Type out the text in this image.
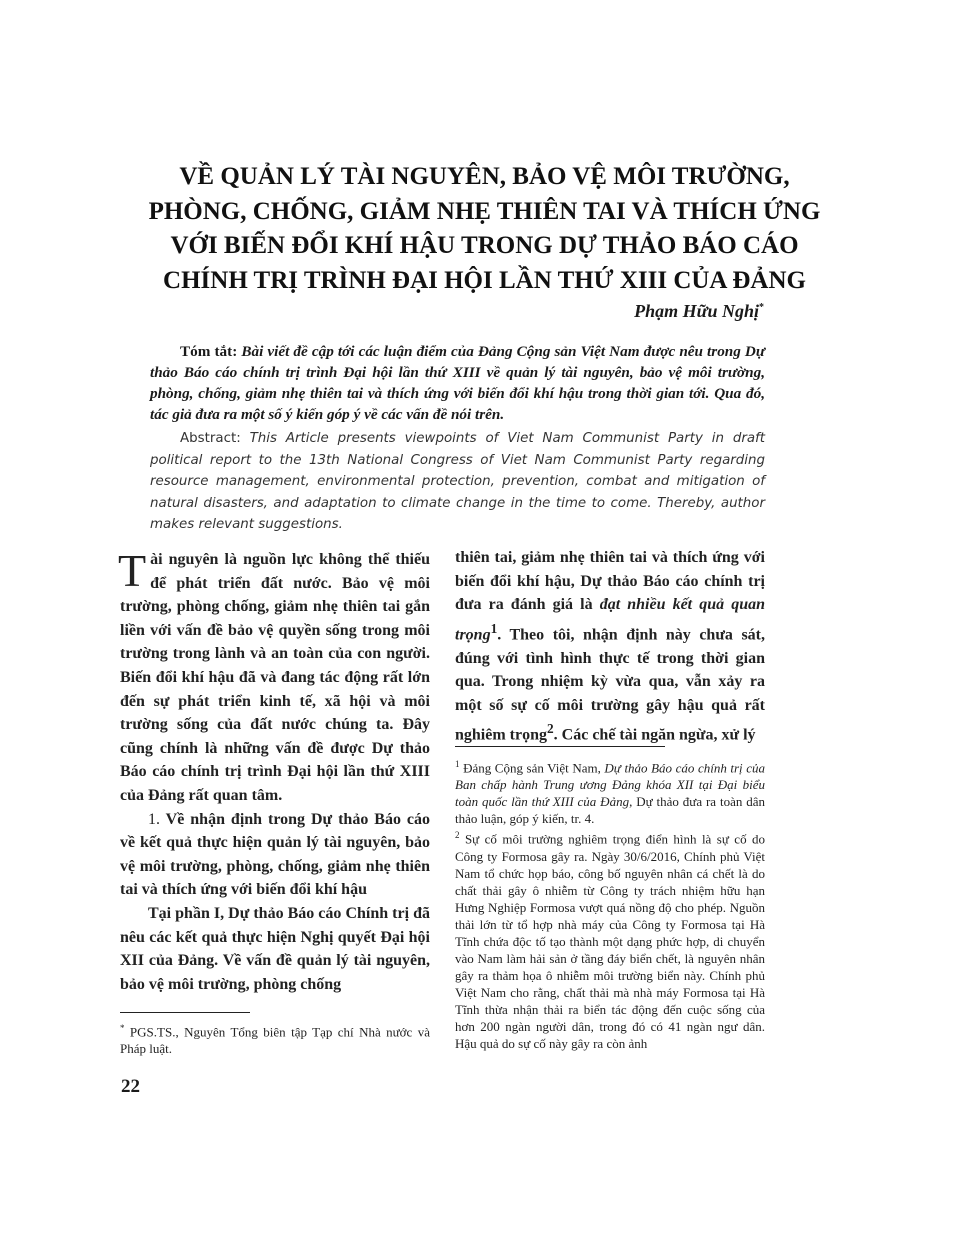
VỀ QUẢN LÝ TÀI NGUYÊN, BẢO VỆ MÔI TRƯỜNG,
PHÒNG, CHỐNG, GIẢM NHẸ THIÊN TAI VÀ THÍCH ỨNG
VỚI BIẾN ĐỔI KHÍ HẬU TRONG DỰ THẢO BÁO CÁO
CHÍNH TRỊ TRÌNH ĐẠI HỘI LẦN THỨ XIII CỦA ĐẢNG
Phạm Hữu Nghị*
Tóm tắt: Bài viết đề cập tới các luận điểm của Đảng Cộng sản Việt Nam được nêu trong Dự thảo Báo cáo chính trị trình Đại hội lần thứ XIII về quản lý tài nguyên, bảo vệ môi trường, phòng, chống, giảm nhẹ thiên tai và thích ứng với biến đổi khí hậu trong thời gian tới. Qua đó, tác giả đưa ra một số ý kiến góp ý về các vấn đề nói trên.
Abstract: This Article presents viewpoints of Viet Nam Communist Party in draft political report to the 13th National Congress of Viet Nam Communist Party regarding resource management, environmental protection, prevention, combat and mitigation of natural disasters, and adaptation to climate change in the time to come. Thereby, author makes relevant suggestions.

Tài nguyên là nguồn lực không thể thiếu để phát triển đất nước. Bảo vệ môi trường, phòng chống, giảm nhẹ thiên tai gắn liền với vấn đề bảo vệ quyền sống trong môi trường trong lành và an toàn của con người. Biến đổi khí hậu đã và đang tác động rất lớn đến sự phát triển kinh tế, xã hội và môi trường sống của đất nước chúng ta. Đây cũng chính là những vấn đề được Dự thảo Báo cáo chính trị trình Đại hội lần thứ XIII của Đảng rất quan tâm.

1. Về nhận định trong Dự thảo Báo cáo về kết quả thực hiện quản lý tài nguyên, bảo vệ môi trường, phòng, chống, giảm nhẹ thiên tai và thích ứng với biến đổi khí hậu

Tại phần I, Dự thảo Báo cáo Chính trị đã nêu các kết quả thực hiện Nghị quyết Đại hội XII của Đảng. Về vấn đề quản lý tài nguyên, bảo vệ môi trường, phòng chống

thiên tai, giảm nhẹ thiên tai và thích ứng với biến đổi khí hậu, Dự thảo Báo cáo chính trị đưa ra đánh giá là đạt nhiều kết quả quan trọng$^1$. Theo tôi, nhận định này chưa sát, đúng với tình hình thực tế trong thời gian qua. Trong nhiệm kỳ vừa qua, vẫn xảy ra một số sự cố môi trường gây hậu quả rất nghiêm trọng$^2$. Các chế tài ngăn ngừa, xử lý

$^1$ Đảng Cộng sản Việt Nam, Dự thảo Báo cáo chính trị của Ban chấp hành Trung ương Đảng khóa XII tại Đại biểu toàn quốc lần thứ XIII của Đảng, Dự thảo đưa ra toàn dân thảo luận, góp ý kiến, tr. 4.

$^2$ Sự cố môi trường nghiêm trọng điển hình là sự cố do Công ty Formosa gây ra. Ngày 30/6/2016, Chính phủ Việt Nam tổ chức họp báo, công bố nguyên nhân cá chết là do chất thải gây ô nhiễm từ Công ty trách nhiệm hữu hạn Hưng Nghiệp Formosa vượt quá nồng độ cho phép. Nguồn thải lớn từ tổ hợp nhà máy của Công ty Formosa tại Hà Tĩnh chứa độc tố tạo thành một dạng phức hợp, di chuyển vào Nam làm hải sản ở tầng đáy biển chết, là nguyên nhân gây ra thảm họa ô nhiễm môi trường biển này. Chính phủ Việt Nam cho rằng, chất thải mà nhà máy Formosa tại Hà Tĩnh thừa nhận thải ra biển tác động đến cuộc sống của hơn 200 ngàn người dân, trong đó có 41 ngàn ngư dân. Hậu quả do sự cố này gây ra còn ảnh

* PGS.TS., Nguyên Tổng biên tập Tạp chí Nhà nước và Pháp luật.
22
